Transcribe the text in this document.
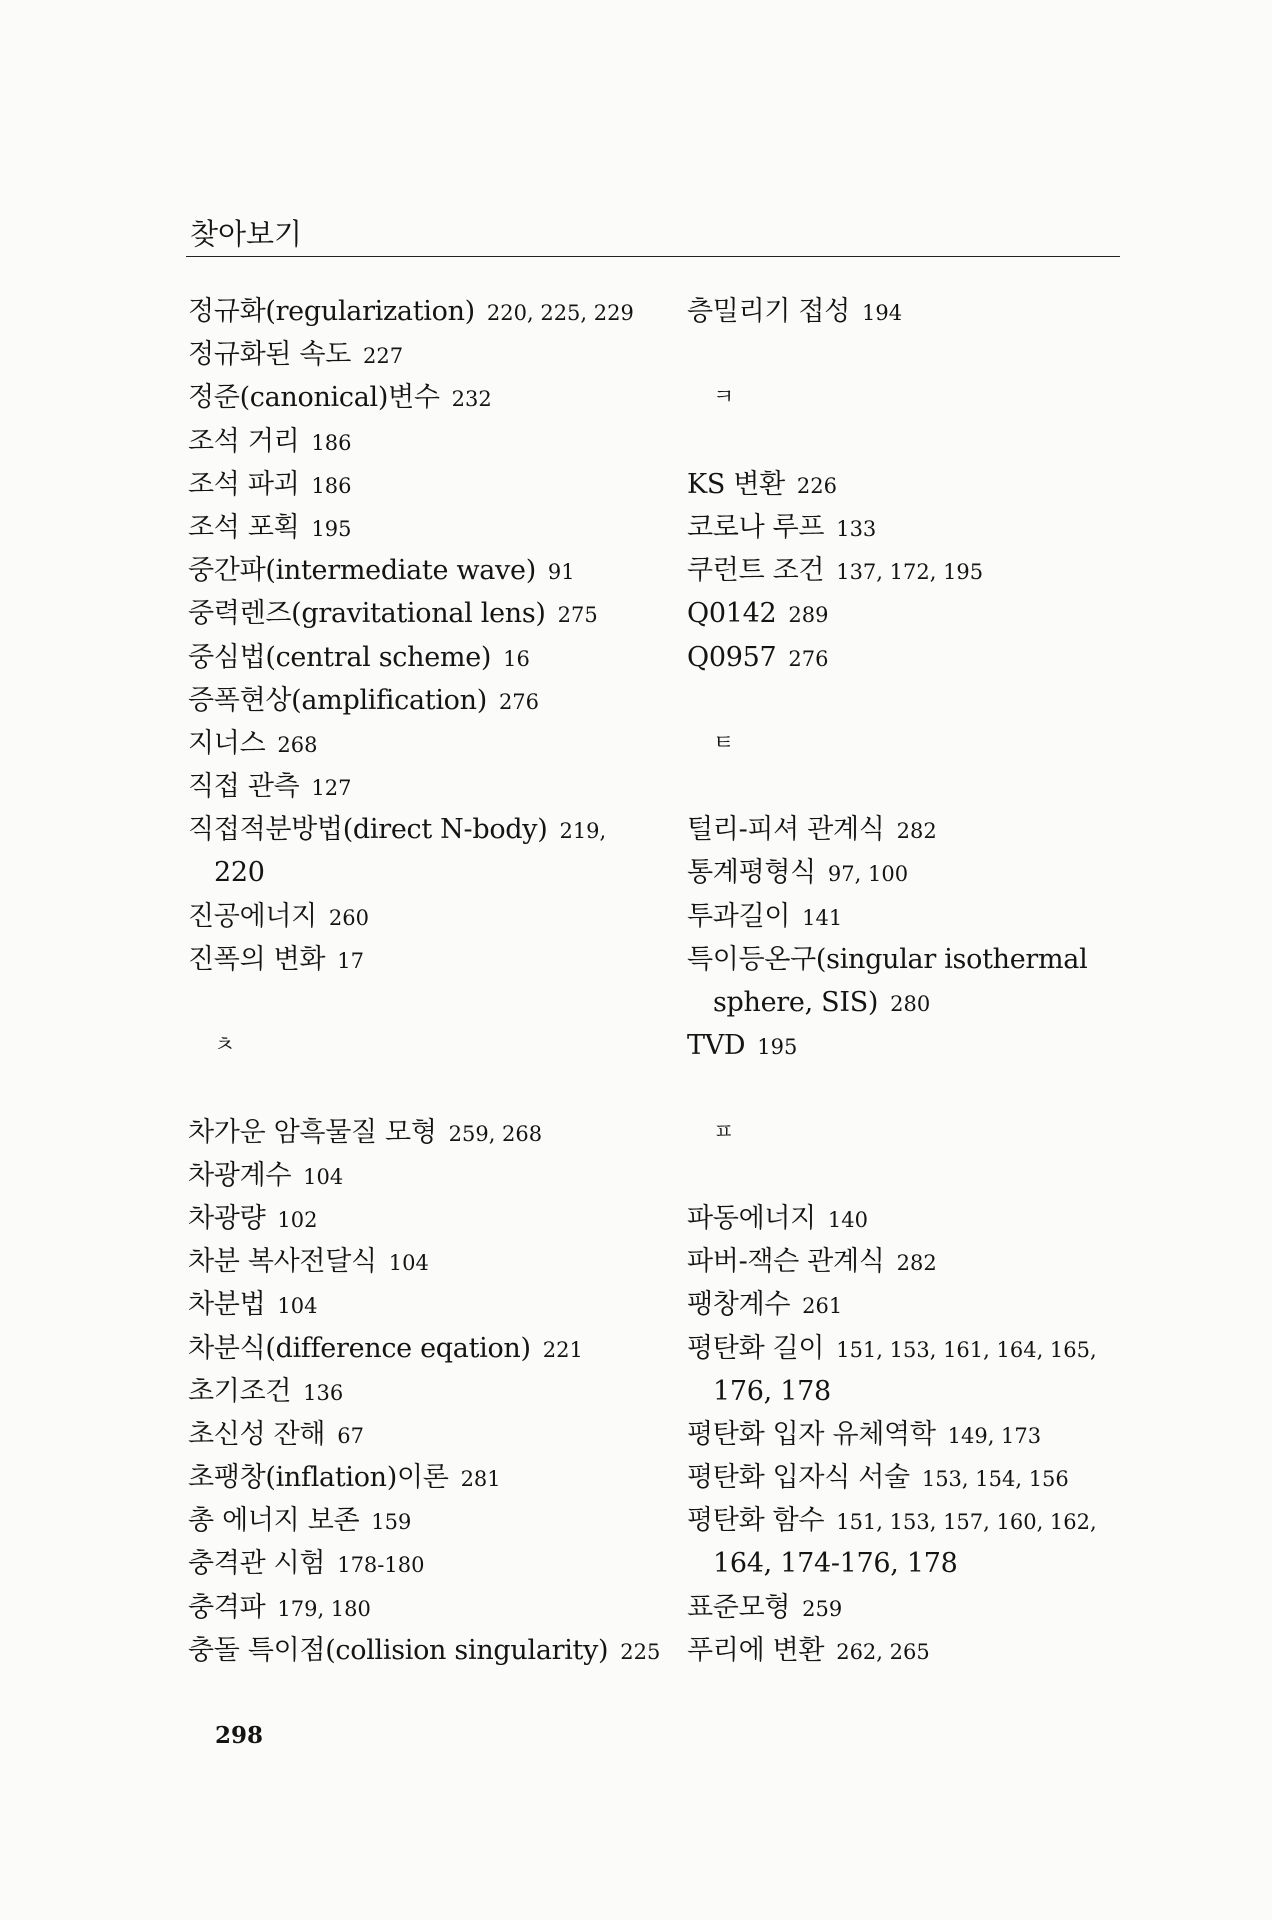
찾아보기
정규화(regularization) 220, 225, 229
정규화된 속도 227
정준(canonical)변수 232
조석 거리 186
조석 파괴 186
조석 포획 195
중간파(intermediate wave) 91
중력렌즈(gravitational lens) 275
중심법(central scheme) 16
증폭현상(amplification) 276
지너스 268
직접 관측 127
직접적분방법(direct N-body) 219,
220
진공에너지 260
진폭의 변화 17
ㅊ
차가운 암흑물질 모형 259, 268
차광계수 104
차광량 102
차분 복사전달식 104
차분법 104
차분식(difference eqation) 221
초기조건 136
초신성 잔해 67
초팽창(inflation)이론 281
총 에너지 보존 159
충격관 시험 178-180
충격파 179, 180
충돌 특이점(collision singularity) 225
층밀리기 접성 194
ㅋ
KS 변환 226
코로나 루프 133
쿠런트 조건 137, 172, 195
Q0142 289
Q0957 276
ㅌ
털리-피셔 관계식 282
통계평형식 97, 100
투과길이 141
특이등온구(singular isothermal
sphere, SIS) 280
TVD 195
ㅍ
파동에너지 140
파버-잭슨 관계식 282
팽창계수 261
평탄화 길이 151, 153, 161, 164, 165,
176, 178
평탄화 입자 유체역학 149, 173
평탄화 입자식 서술 153, 154, 156
평탄화 함수 151, 153, 157, 160, 162,
164, 174-176, 178
표준모형 259
푸리에 변환 262, 265
298
